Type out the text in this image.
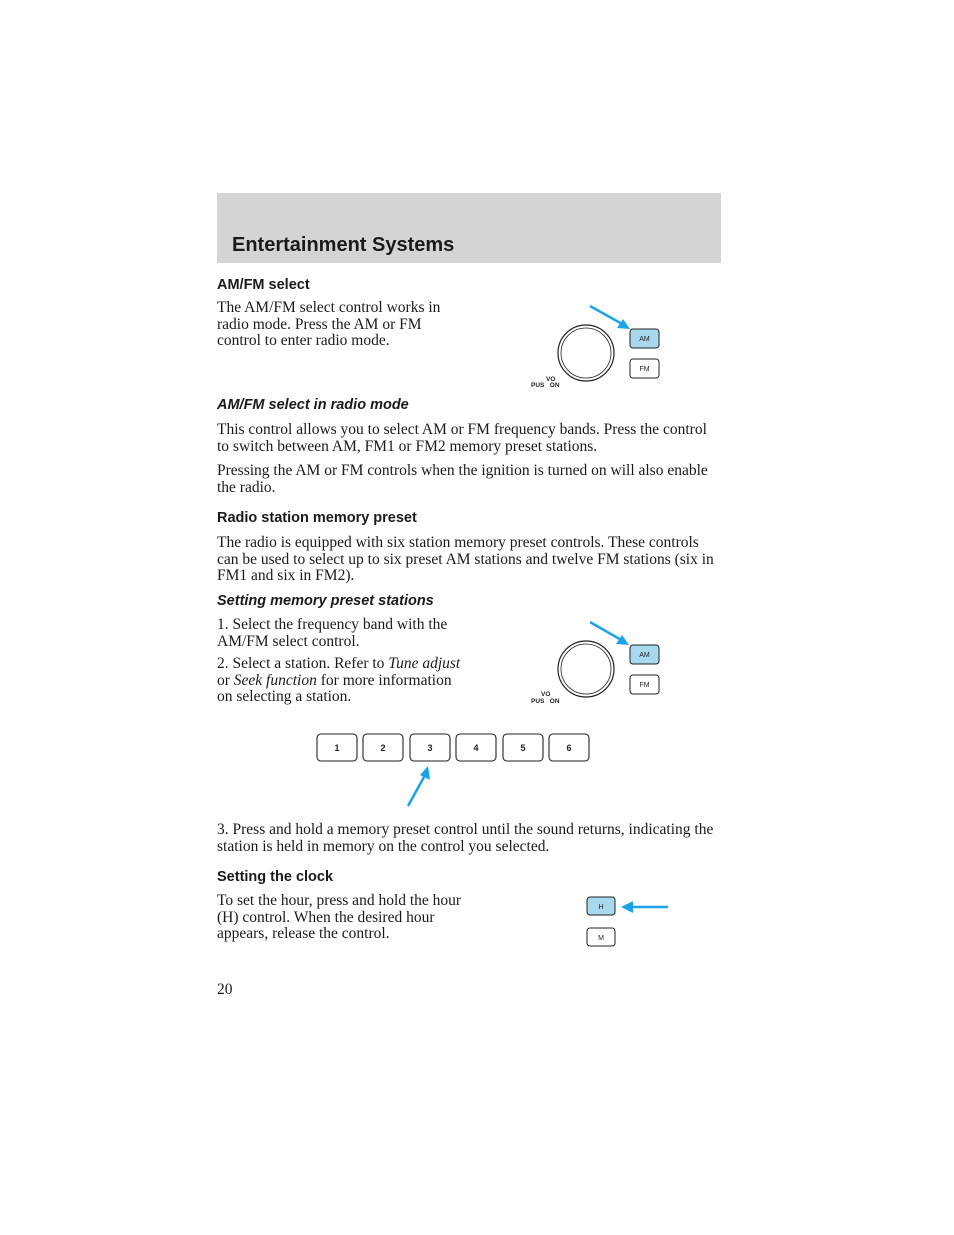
Entertainment Systems
AM/FM select

The AM/FM select control works in radio mode. Press the AM or FM control to enter radio mode.

VO
PUS   ON
AM
FM
AM/FM select in radio mode

This control allows you to select AM or FM frequency bands. Press the control to switch between AM, FM1 or FM2 memory preset stations.

Pressing the AM or FM controls when the ignition is turned on will also enable the radio.

Radio station memory preset

The radio is equipped with six station memory preset controls. These controls can be used to select up to six preset AM stations and twelve FM stations (six in FM1 and six in FM2).

Setting memory preset stations

1. Select the frequency band with the AM/FM select control.

2. Select a station. Refer to Tune adjust or Seek function for more information on selecting a station.	VO
PUS   ON
AM
FM
1	2	3	4	5	6

3. Press and hold a memory preset control until the sound returns, indicating the station is held in memory on the control you selected.

Setting the clock

To set the hour, press and hold the hour (H) control. When the desired hour appears, release the control.

H
M
20
